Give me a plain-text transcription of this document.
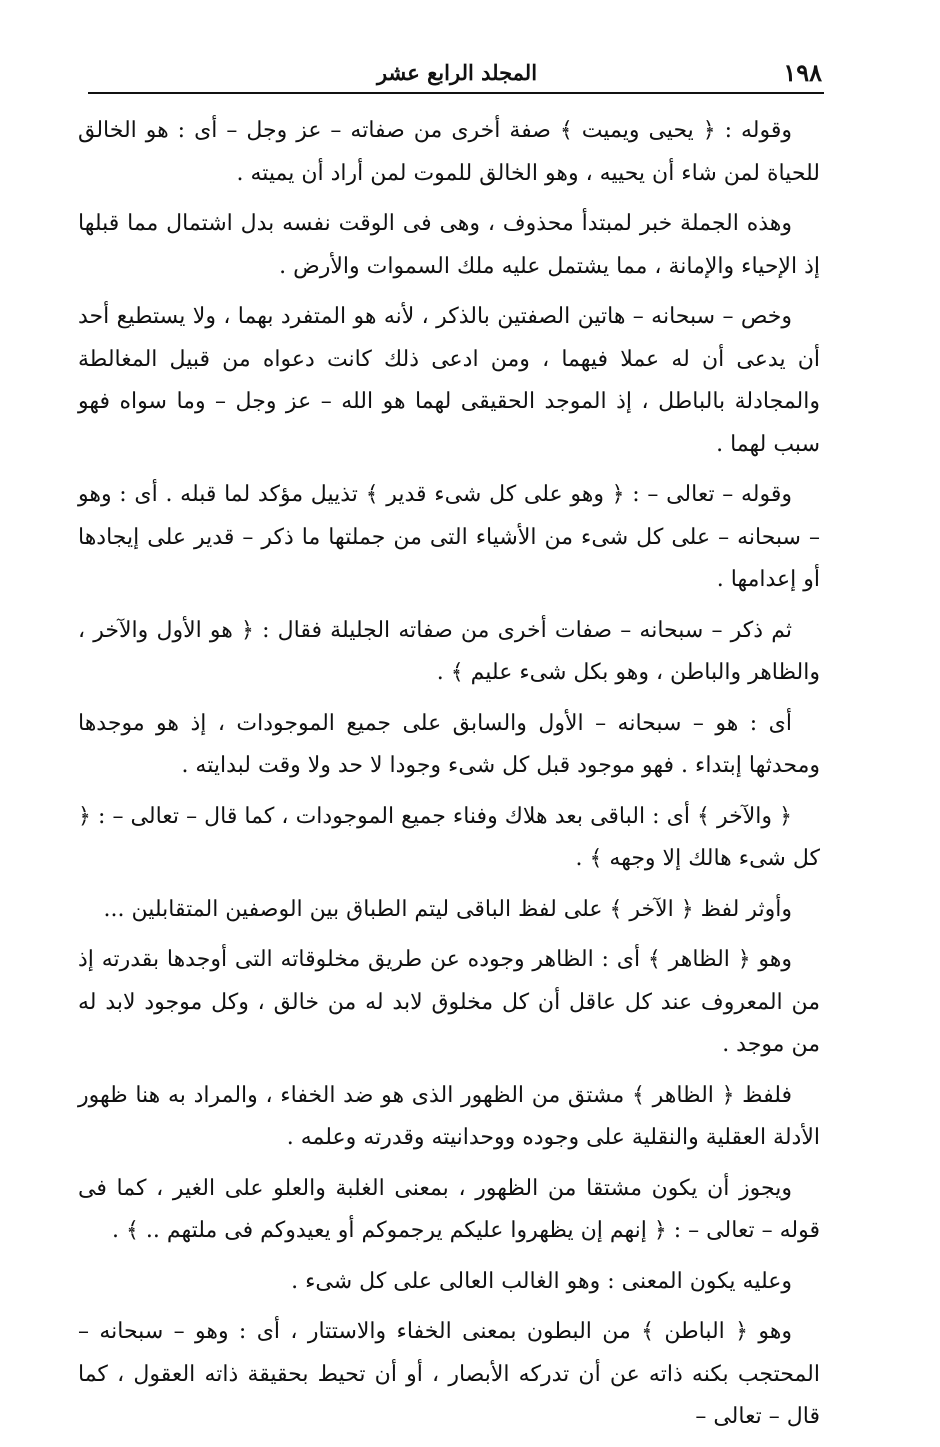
١٩٨
المجلد الرابع عشر

وقوله : ﴿ يحيى ويميت ﴾ صفة أخرى من صفاته – عز وجل – أى : هو الخالق للحياة لمن شاء أن يحييه ، وهو الخالق للموت لمن أراد أن يميته .

وهذه الجملة خبر لمبتدأ محذوف ، وهى فى الوقت نفسه بدل اشتمال مما قبلها إذ الإحياء والإمانة ، مما يشتمل عليه ملك السموات والأرض .

وخص – سبحانه – هاتين الصفتين بالذكر ، لأنه هو المتفرد بهما ، ولا يستطيع أحد أن يدعى أن له عملا فيهما ، ومن ادعى ذلك كانت دعواه من قبيل المغالطة والمجادلة بالباطل ، إذ الموجد الحقيقى لهما هو الله – عز وجل – وما سواه فهو سبب لهما .

وقوله – تعالى – : ﴿ وهو على كل شىء قدير ﴾ تذييل مؤكد لما قبله . أى : وهو – سبحانه – على كل شىء من الأشياء التى من جملتها ما ذكر – قدير على إيجادها أو إعدامها .

ثم ذكر – سبحانه – صفات أخرى من صفاته الجليلة فقال : ﴿ هو الأول والآخر ، والظاهر والباطن ، وهو بكل شىء عليم ﴾ .

أى : هو – سبحانه – الأول والسابق على جميع الموجودات ، إذ هو موجدها ومحدثها إبتداء . فهو موجود قبل كل شىء وجودا لا حد ولا وقت لبدايته .

﴿ والآخر ﴾ أى : الباقى بعد هلاك وفناء جميع الموجودات ، كما قال – تعالى – : ﴿ كل شىء هالك إلا وجهه ﴾ .

وأوثر لفظ ﴿ الآخر ﴾ على لفظ الباقى ليتم الطباق بين الوصفين المتقابلين ...

وهو ﴿ الظاهر ﴾ أى : الظاهر وجوده عن طريق مخلوقاته التى أوجدها بقدرته إذ من المعروف عند كل عاقل أن كل مخلوق لابد له من خالق ، وكل موجود لابد له من موجد .

فلفظ ﴿ الظاهر ﴾ مشتق من الظهور الذى هو ضد الخفاء ، والمراد به هنا ظهور الأدلة العقلية والنقلية على وجوده ووحدانيته وقدرته وعلمه .

ويجوز أن يكون مشتقا من الظهور ، بمعنى الغلبة والعلو على الغير ، كما فى قوله – تعالى – : ﴿ إنهم إن يظهروا عليكم يرجموكم أو يعيدوكم فى ملتهم .. ﴾ .

وعليه يكون المعنى : وهو الغالب العالى على كل شىء .

وهو ﴿ الباطن ﴾ من البطون بمعنى الخفاء والاستتار ، أى : وهو – سبحانه – المحتجب بكنه ذاته عن أن تدركه الأبصار ، أو أن تحيط بحقيقة ذاته العقول ، كما قال – تعالى –
